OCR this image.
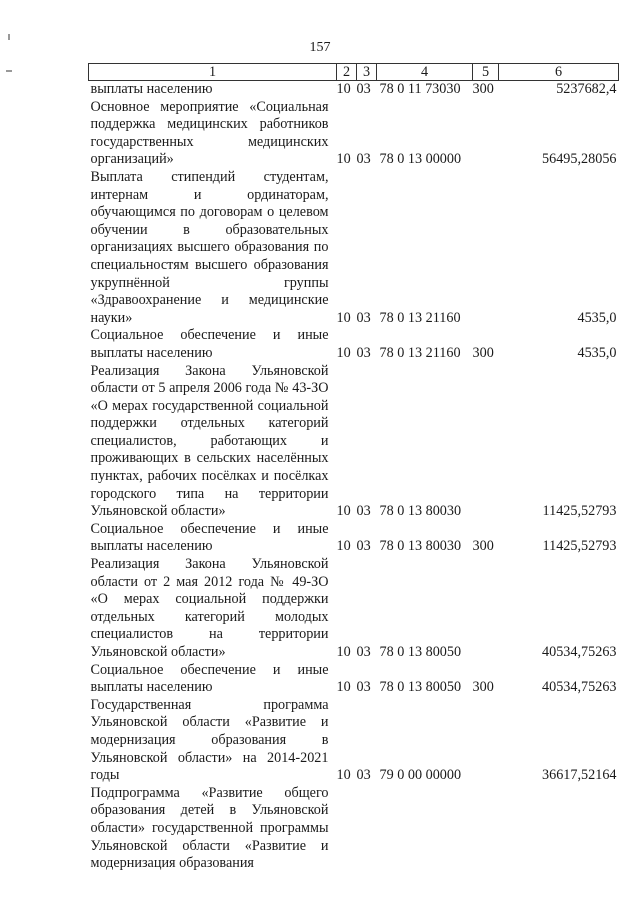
157
1	2	3	4	5	6
выплаты населению	10	03	78 0 11 73030	300	5237682,4
Основное мероприятие «Социальная поддержка медицинских работников государственных медицинских организаций»	10	03	78 0 13 00000		56495,28056
Выплата стипендий студентам, интернам и ординаторам, обучающимся по договорам о целевом обучении в образовательных организациях высшего образования по специальностям высшего образования укрупнённой группы «Здравоохранение и медицинские науки»	10	03	78 0 13 21160		4535,0
Социальное обеспечение и иные выплаты населению	10	03	78 0 13 21160	300	4535,0
Реализация Закона Ульяновской области от 5 апреля 2006 года № 43-ЗО «О мерах государственной социальной поддержки отдельных категорий специалистов, работающих и проживающих в сельских населённых пунктах, рабочих посёлках и посёлках городского типа на территории Ульяновской области»	10	03	78 0 13 80030		11425,52793
Социальное обеспечение и иные выплаты населению	10	03	78 0 13 80030	300	11425,52793
Реализация Закона Ульяновской области от 2 мая 2012 года № 49-ЗО «О мерах социальной поддержки отдельных категорий молодых специалистов на территории Ульяновской области»	10	03	78 0 13 80050		40534,75263
Социальное обеспечение и иные выплаты населению	10	03	78 0 13 80050	300	40534,75263
Государственная программа Ульяновской области «Развитие и модернизация образования в Ульяновской области» на 2014-2021 годы	10	03	79 0 00 00000		36617,52164
Подпрограмма «Развитие общего образования детей в Ульяновской области» государственной программы Ульяновской области «Развитие и модернизация образования					
